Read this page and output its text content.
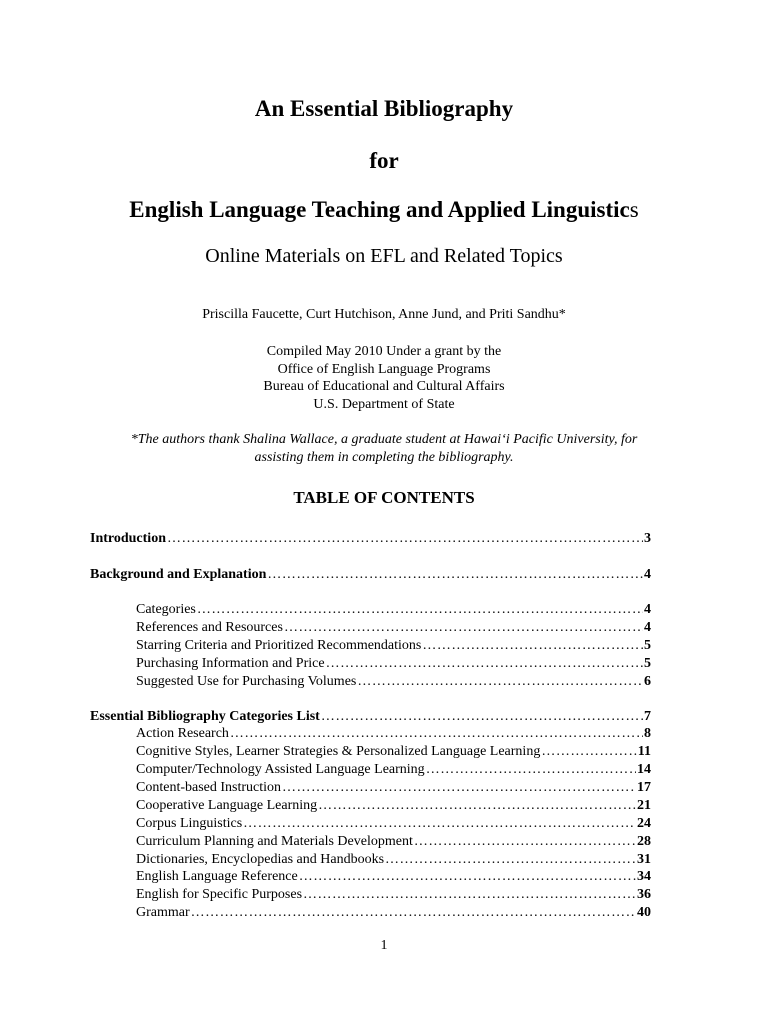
An Essential Bibliography
for
English Language Teaching and Applied Linguistics
Online Materials on EFL and Related Topics
Priscilla Faucette, Curt Hutchison, Anne Jund, and Priti Sandhu*
Compiled May 2010 Under a grant by the
Office of English Language Programs
Bureau of Educational and Cultural Affairs
U.S. Department of State
*The authors thank Shalina Wallace, a graduate student at Hawai‘i Pacific University, for
assisting them in completing the bibliography.
TABLE OF CONTENTS
Introduction …………………………………………………………………………………………………………………………………………………………………………………………………	3
Background and Explanation …………………………………………………………………………………………………………………………………………………………………………………………………	4
Categories …………………………………………………………………………………………………………………………………………………………………………………………………	4
References and Resources …………………………………………………………………………………………………………………………………………………………………………………………………	4
Starring Criteria and Prioritized Recommendations …………………………………………………………………………………………………………………………………………………………………………………………………	5
Purchasing Information and Price …………………………………………………………………………………………………………………………………………………………………………………………………	5
Suggested Use for Purchasing Volumes …………………………………………………………………………………………………………………………………………………………………………………………………	6
Essential Bibliography Categories List …………………………………………………………………………………………………………………………………………………………………………………………………	7
Action Research …………………………………………………………………………………………………………………………………………………………………………………………………	8
Cognitive Styles, Learner Strategies & Personalized Language Learning …………………………………………………………………………………………………………………………………………………………………………………………………	11
Computer/Technology Assisted Language Learning …………………………………………………………………………………………………………………………………………………………………………………………………	14
Content-based Instruction …………………………………………………………………………………………………………………………………………………………………………………………………	17
Cooperative Language Learning …………………………………………………………………………………………………………………………………………………………………………………………………	21
Corpus Linguistics …………………………………………………………………………………………………………………………………………………………………………………………………	24
Curriculum Planning and Materials Development …………………………………………………………………………………………………………………………………………………………………………………………………	28
Dictionaries, Encyclopedias and Handbooks …………………………………………………………………………………………………………………………………………………………………………………………………	31
English Language Reference …………………………………………………………………………………………………………………………………………………………………………………………………	34
English for Specific Purposes …………………………………………………………………………………………………………………………………………………………………………………………………	36
Grammar …………………………………………………………………………………………………………………………………………………………………………………………………	40
1
